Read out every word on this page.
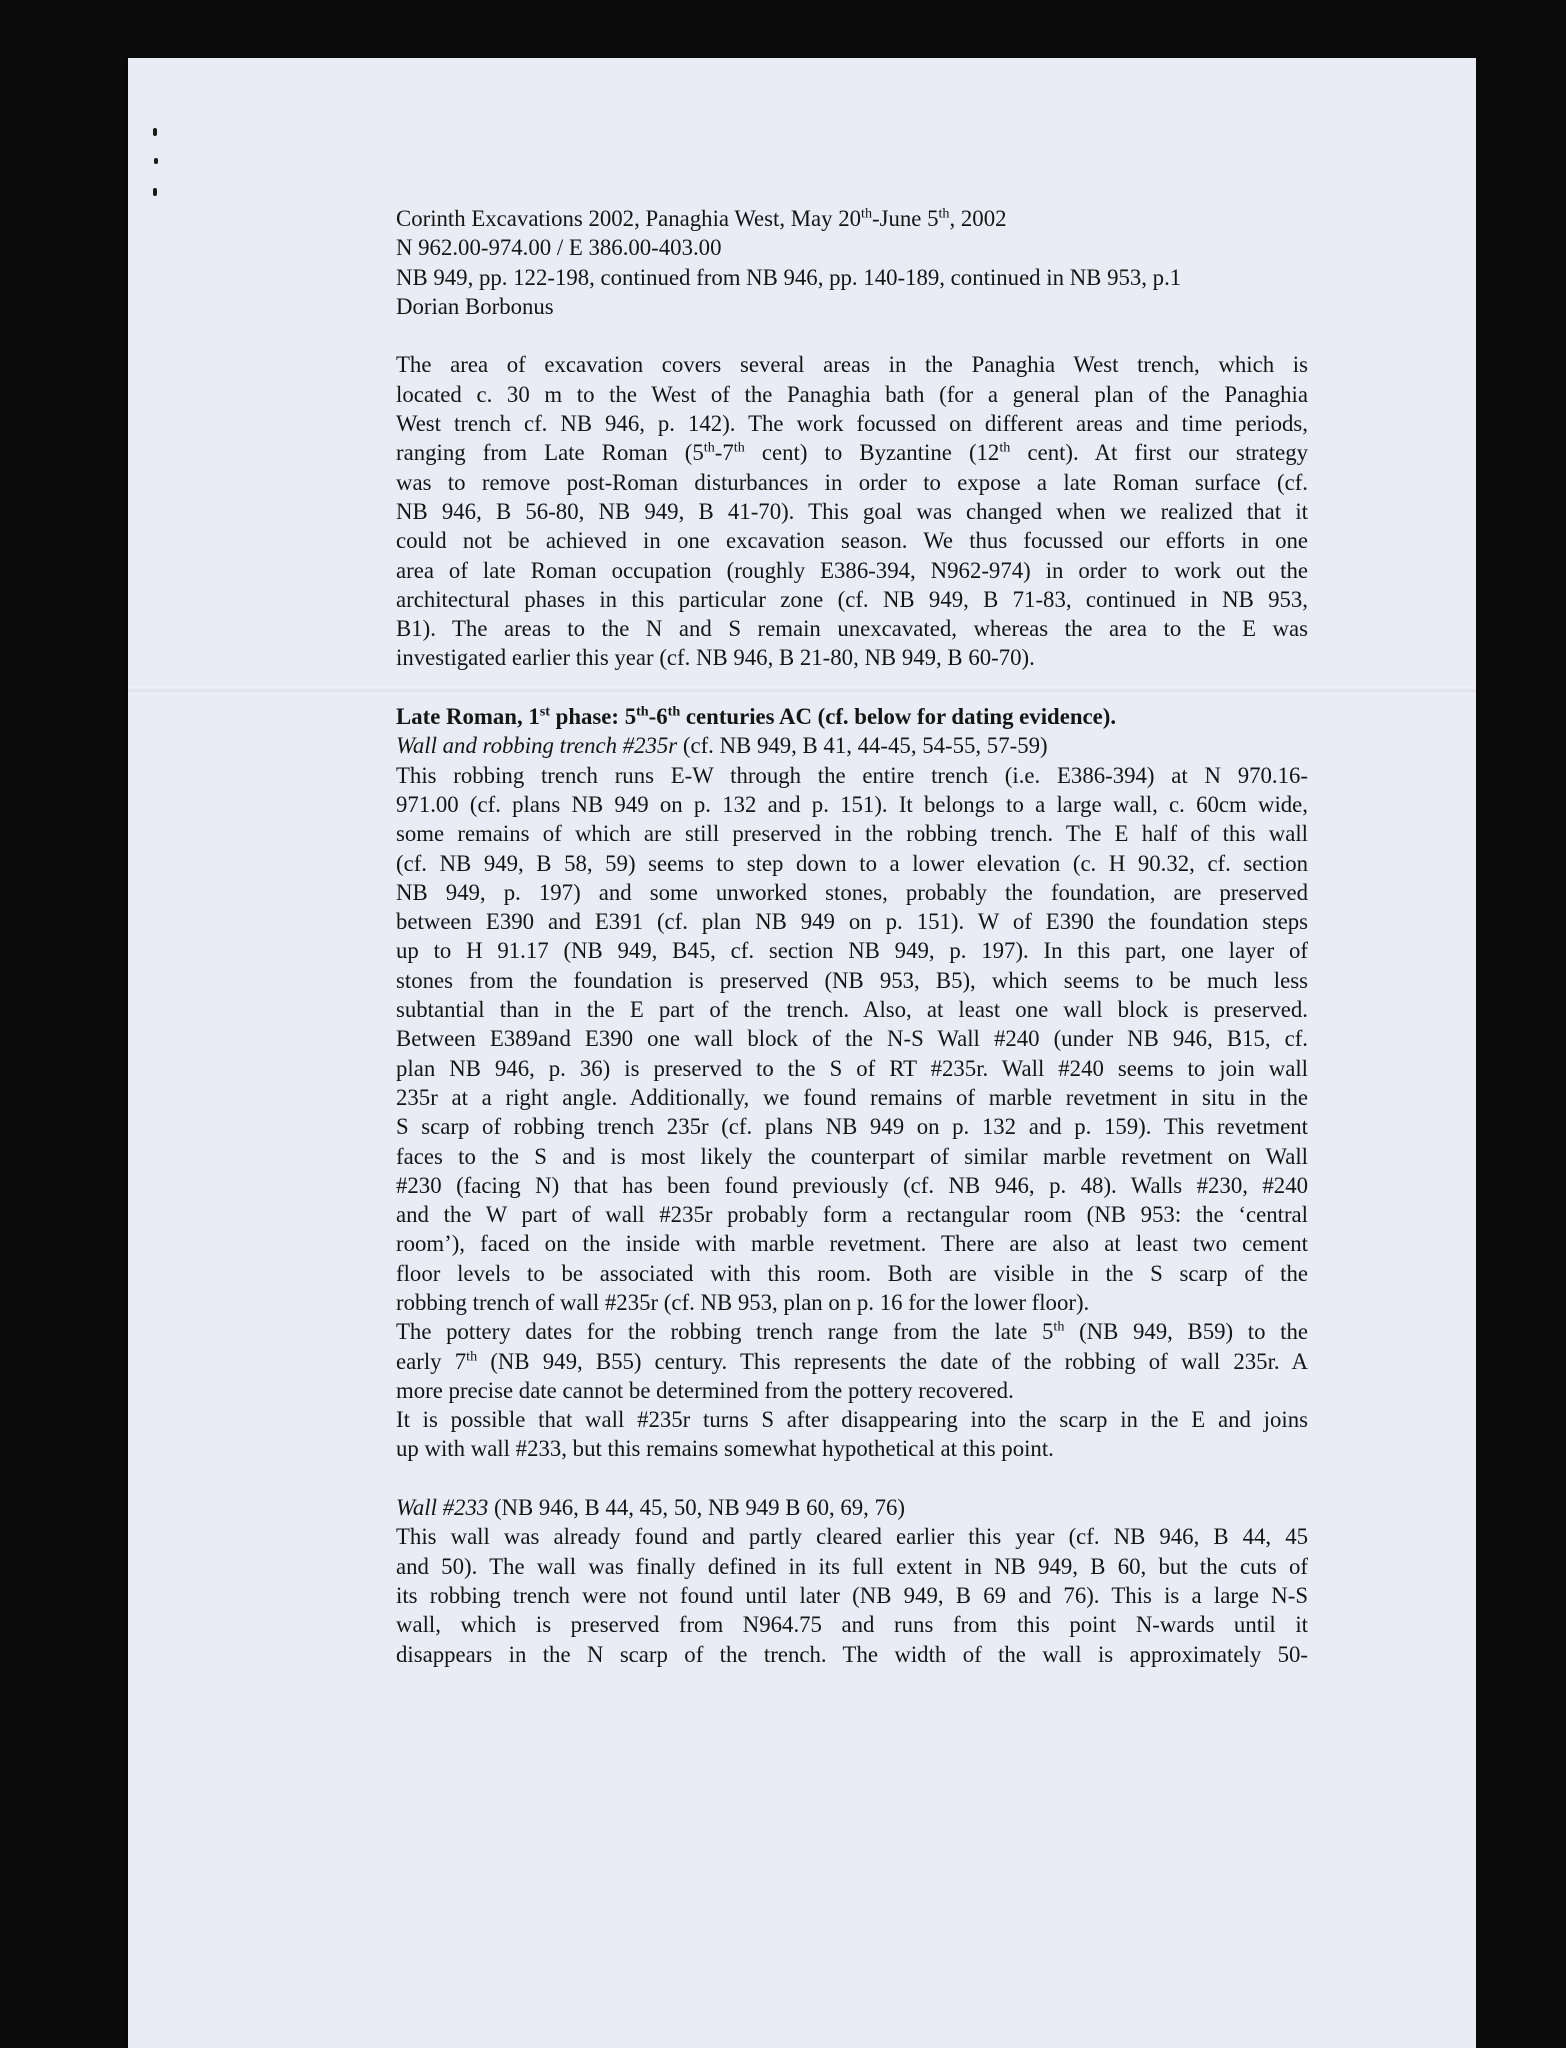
Corinth Excavations 2002, Panaghia West, May 20th-June 5th, 2002
N 962.00-974.00 / E 386.00-403.00
NB 949, pp. 122-198, continued from NB 946, pp. 140-189, continued in NB 953, p.1
Dorian Borbonus
The area of excavation covers several areas in the Panaghia West trench, which is
located c. 30 m to the West of the Panaghia bath (for a general plan of the Panaghia
West trench cf. NB 946, p. 142). The work focussed on different areas and time periods,
ranging from Late Roman (5th-7th cent) to Byzantine (12th cent). At first our strategy
was to remove post-Roman disturbances in order to expose a late Roman surface (cf.
NB 946, B 56-80, NB 949, B 41-70). This goal was changed when we realized that it
could not be achieved in one excavation season. We thus focussed our efforts in one
area of late Roman occupation (roughly E386-394, N962-974) in order to work out the
architectural phases in this particular zone (cf. NB 949, B 71-83, continued in NB 953,
B1). The areas to the N and S remain unexcavated, whereas the area to the E was
investigated earlier this year (cf. NB 946, B 21-80, NB 949, B 60-70).
Late Roman, 1st phase: 5th-6th centuries AC (cf. below for dating evidence).
Wall and robbing trench #235r (cf. NB 949, B 41, 44-45, 54-55, 57-59)
This robbing trench runs E-W through the entire trench (i.e. E386-394) at N 970.16-
971.00 (cf. plans NB 949 on p. 132 and p. 151). It belongs to a large wall, c. 60cm wide,
some remains of which are still preserved in the robbing trench. The E half of this wall
(cf. NB 949, B 58, 59) seems to step down to a lower elevation (c. H 90.32, cf. section
NB 949, p. 197) and some unworked stones, probably the foundation, are preserved
between E390 and E391 (cf. plan NB 949 on p. 151). W of E390 the foundation steps
up to H 91.17 (NB 949, B45, cf. section NB 949, p. 197). In this part, one layer of
stones from the foundation is preserved (NB 953, B5), which seems to be much less
subtantial than in the E part of the trench. Also, at least one wall block is preserved.
Between E389and E390 one wall block of the N-S Wall #240 (under NB 946, B15, cf.
plan NB 946, p. 36) is preserved to the S of RT #235r. Wall #240 seems to join wall
235r at a right angle. Additionally, we found remains of marble revetment in situ in the
S scarp of robbing trench 235r (cf. plans NB 949 on p. 132 and p. 159). This revetment
faces to the S and is most likely the counterpart of similar marble revetment on Wall
#230 (facing N) that has been found previously (cf. NB 946, p. 48). Walls #230, #240
and the W part of wall #235r probably form a rectangular room (NB 953: the ‘central
room’), faced on the inside with marble revetment. There are also at least two cement
floor levels to be associated with this room. Both are visible in the S scarp of the
robbing trench of wall #235r (cf. NB 953, plan on p. 16 for the lower floor).
The pottery dates for the robbing trench range from the late 5th (NB 949, B59) to the
early 7th (NB 949, B55) century. This represents the date of the robbing of wall 235r. A
more precise date cannot be determined from the pottery recovered.
It is possible that wall #235r turns S after disappearing into the scarp in the E and joins
up with wall #233, but this remains somewhat hypothetical at this point.
Wall #233 (NB 946, B 44, 45, 50, NB 949 B 60, 69, 76)
This wall was already found and partly cleared earlier this year (cf. NB 946, B 44, 45
and 50). The wall was finally defined in its full extent in NB 949, B 60, but the cuts of
its robbing trench were not found until later (NB 949, B 69 and 76). This is a large N-S
wall, which is preserved from N964.75 and runs from this point N-wards until it
disappears in the N scarp of the trench. The width of the wall is approximately 50-
